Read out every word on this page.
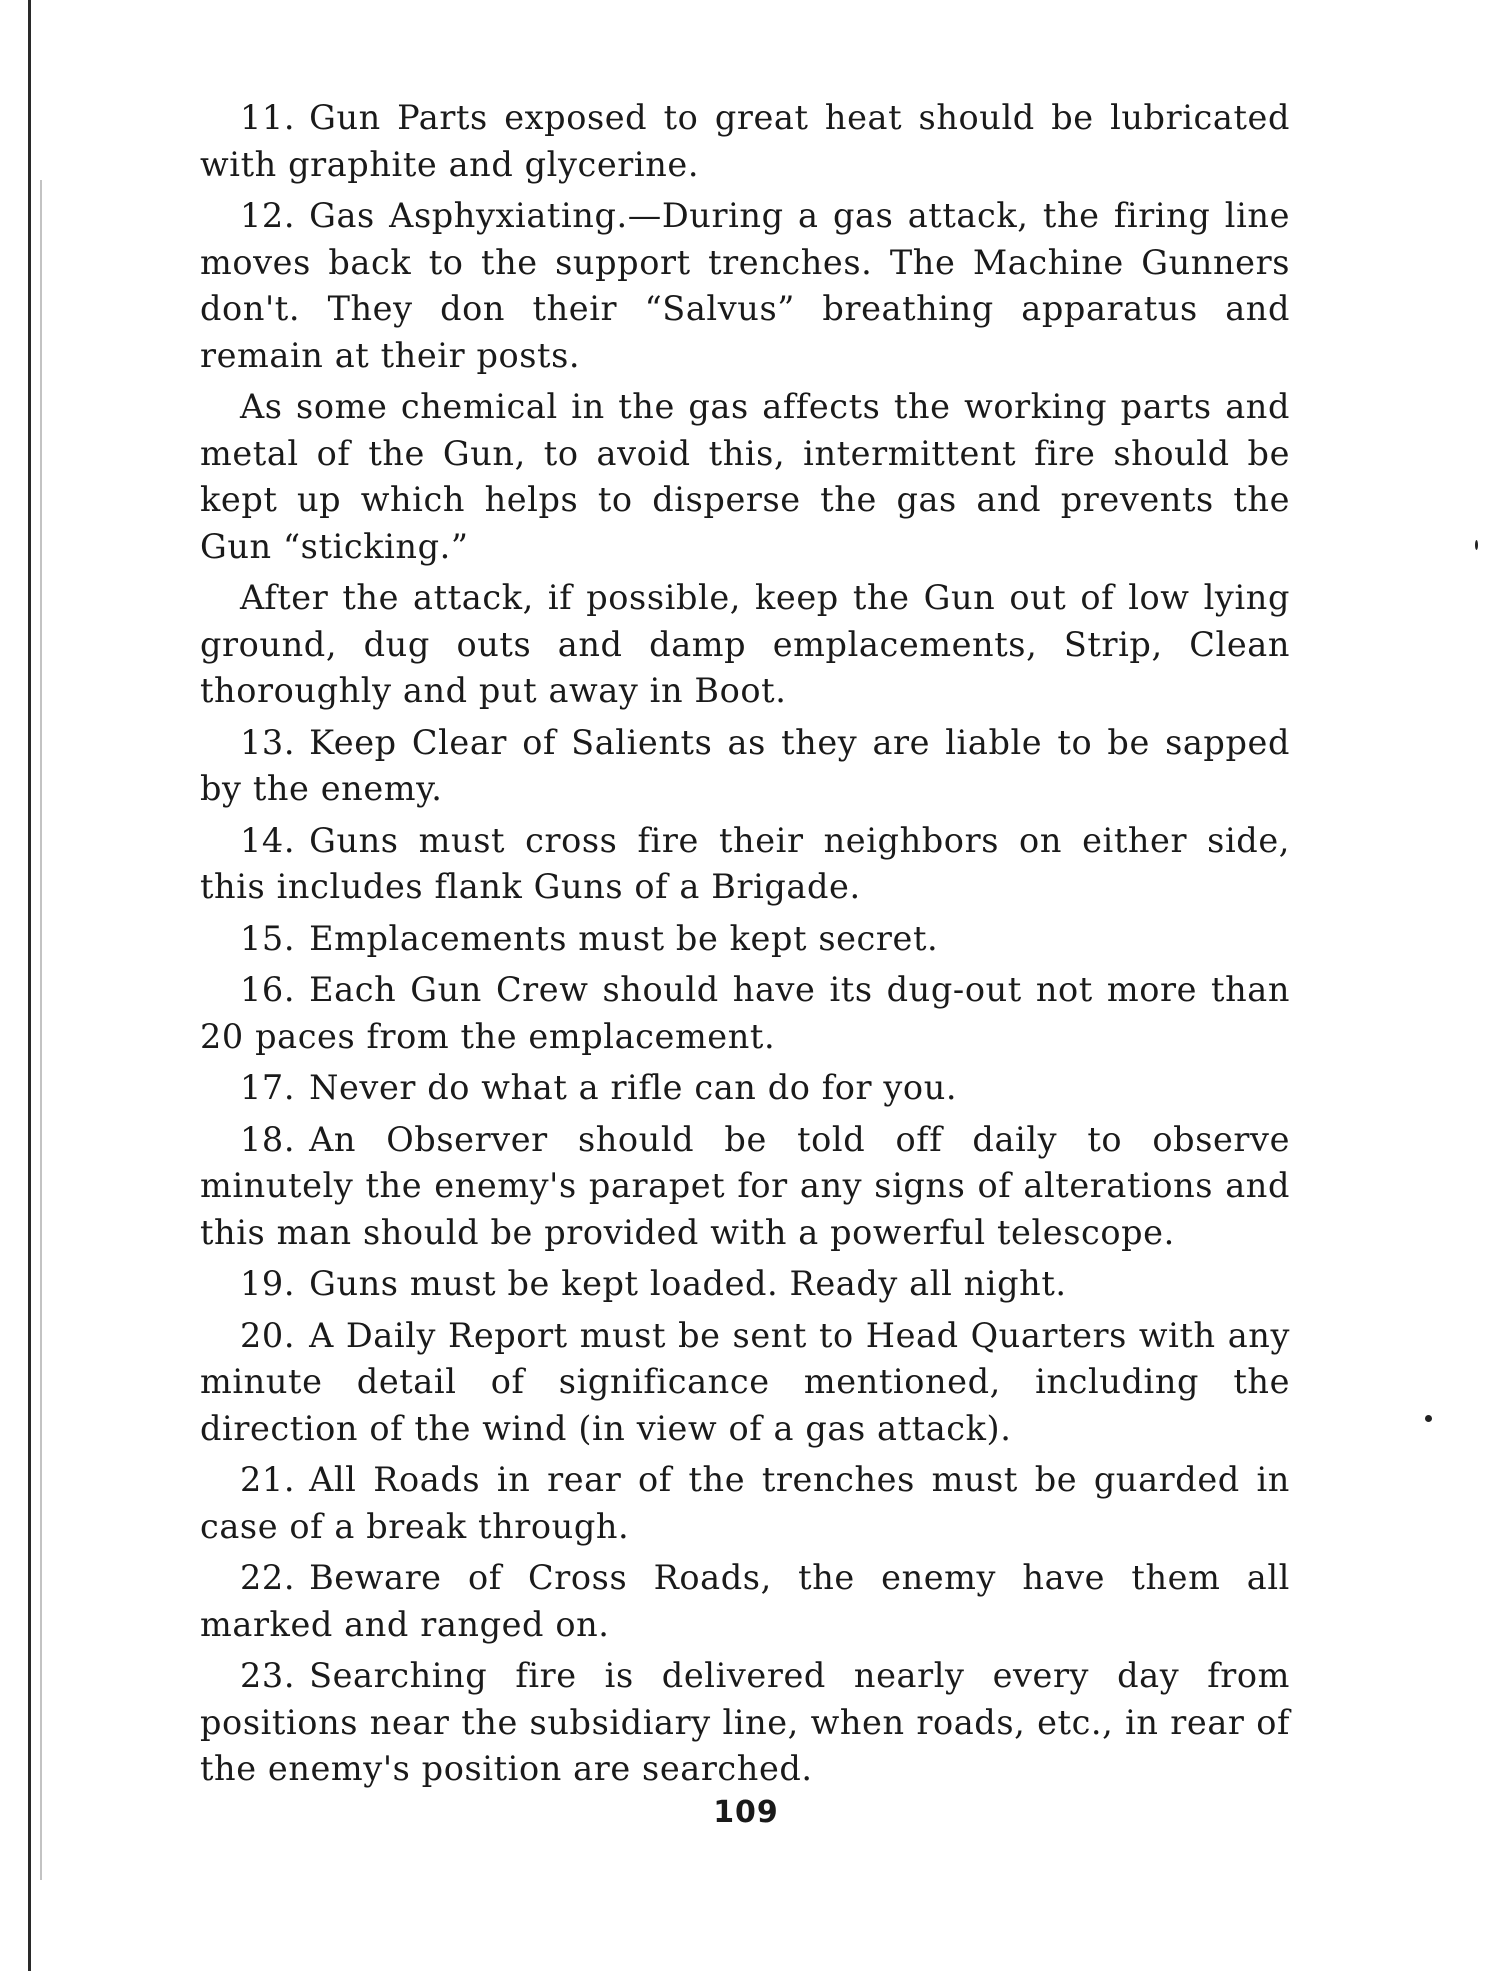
11. Gun Parts exposed to great heat should be lubricated with graphite and glycerine.

12. Gas Asphyxiating.—During a gas attack, the firing line moves back to the support trenches. The Machine Gunners don't. They don their “Salvus” breathing apparatus and remain at their posts.

As some chemical in the gas affects the working parts and metal of the Gun, to avoid this, intermittent fire should be kept up which helps to disperse the gas and prevents the Gun “sticking.”

After the attack, if possible, keep the Gun out of low lying ground, dug outs and damp emplacements, Strip, Clean thoroughly and put away in Boot.

13. Keep Clear of Salients as they are liable to be sapped by the enemy.

14. Guns must cross fire their neighbors on either side, this includes flank Guns of a Brigade.

15. Emplacements must be kept secret.

16. Each Gun Crew should have its dug-out not more than 20 paces from the emplacement.

17. Never do what a rifle can do for you.

18. An Observer should be told off daily to observe minutely the enemy's parapet for any signs of alterations and this man should be provided with a powerful telescope.

19. Guns must be kept loaded. Ready all night.

20. A Daily Report must be sent to Head Quarters with any minute detail of significance mentioned, including the direction of the wind (in view of a gas attack).

21. All Roads in rear of the trenches must be guarded in case of a break through.

22. Beware of Cross Roads, the enemy have them all marked and ranged on.

23. Searching fire is delivered nearly every day from positions near the subsidiary line, when roads, etc., in rear of the enemy's position are searched.

109
